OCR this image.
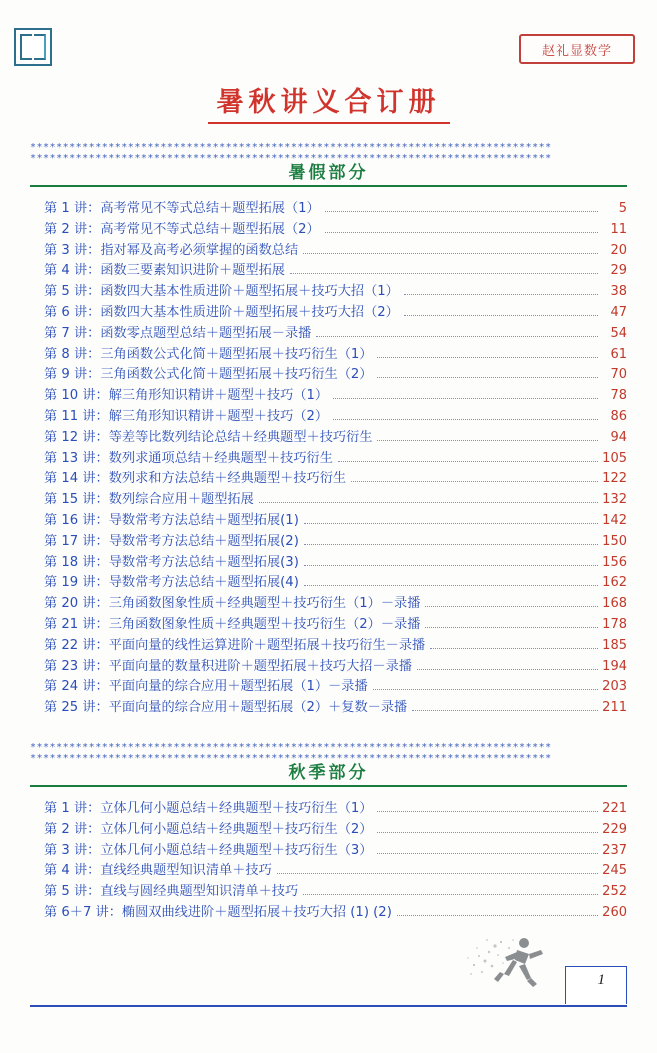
赵礼显数学
暑秋讲义合订册
********************************************************************************
暑假部分
********************************************************************************
第 1 讲：高考常见不等式总结＋题型拓展（1）	5
第 2 讲：高考常见不等式总结＋题型拓展（2）	11
第 3 讲：指对幂及高考必须掌握的函数总结	20
第 4 讲：函数三要素知识进阶＋题型拓展	29
第 5 讲：函数四大基本性质进阶＋题型拓展＋技巧大招（1）	38
第 6 讲：函数四大基本性质进阶＋题型拓展＋技巧大招（2）	47
第 7 讲：函数零点题型总结＋题型拓展－录播	54
第 8 讲：三角函数公式化简＋题型拓展＋技巧衍生（1）	61
第 9 讲：三角函数公式化简＋题型拓展＋技巧衍生（2）	70
第 10 讲：解三角形知识精讲＋题型＋技巧（1）	78
第 11 讲：解三角形知识精讲＋题型＋技巧（2）	86
第 12 讲：等差等比数列结论总结＋经典题型＋技巧衍生	94
第 13 讲：数列求通项总结＋经典题型＋技巧衍生	105
第 14 讲：数列求和方法总结＋经典题型＋技巧衍生	122
第 15 讲：数列综合应用＋题型拓展	132
第 16 讲：导数常考方法总结＋题型拓展(1)	142
第 17 讲：导数常考方法总结＋题型拓展(2)	150
第 18 讲：导数常考方法总结＋题型拓展(3)	156
第 19 讲：导数常考方法总结＋题型拓展(4)	162
第 20 讲：三角函数图象性质＋经典题型＋技巧衍生（1）－录播	168
第 21 讲：三角函数图象性质＋经典题型＋技巧衍生（2）－录播	178
第 22 讲：平面向量的线性运算进阶＋题型拓展＋技巧衍生－录播	185
第 23 讲：平面向量的数量积进阶＋题型拓展＋技巧大招－录播	194
第 24 讲：平面向量的综合应用＋题型拓展（1）－录播	203
第 25 讲：平面向量的综合应用＋题型拓展（2）＋复数－录播	211
********************************************************************************
秋季部分
********************************************************************************
第 1 讲：立体几何小题总结＋经典题型＋技巧衍生（1）	221
第 2 讲：立体几何小题总结＋经典题型＋技巧衍生（2）	229
第 3 讲：立体几何小题总结＋经典题型＋技巧衍生（3）	237
第 4 讲：直线经典题型知识清单＋技巧	245
第 5 讲：直线与圆经典题型知识清单＋技巧	252
第 6＋7 讲：椭圆双曲线进阶＋题型拓展＋技巧大招 (1) (2)	260
1
